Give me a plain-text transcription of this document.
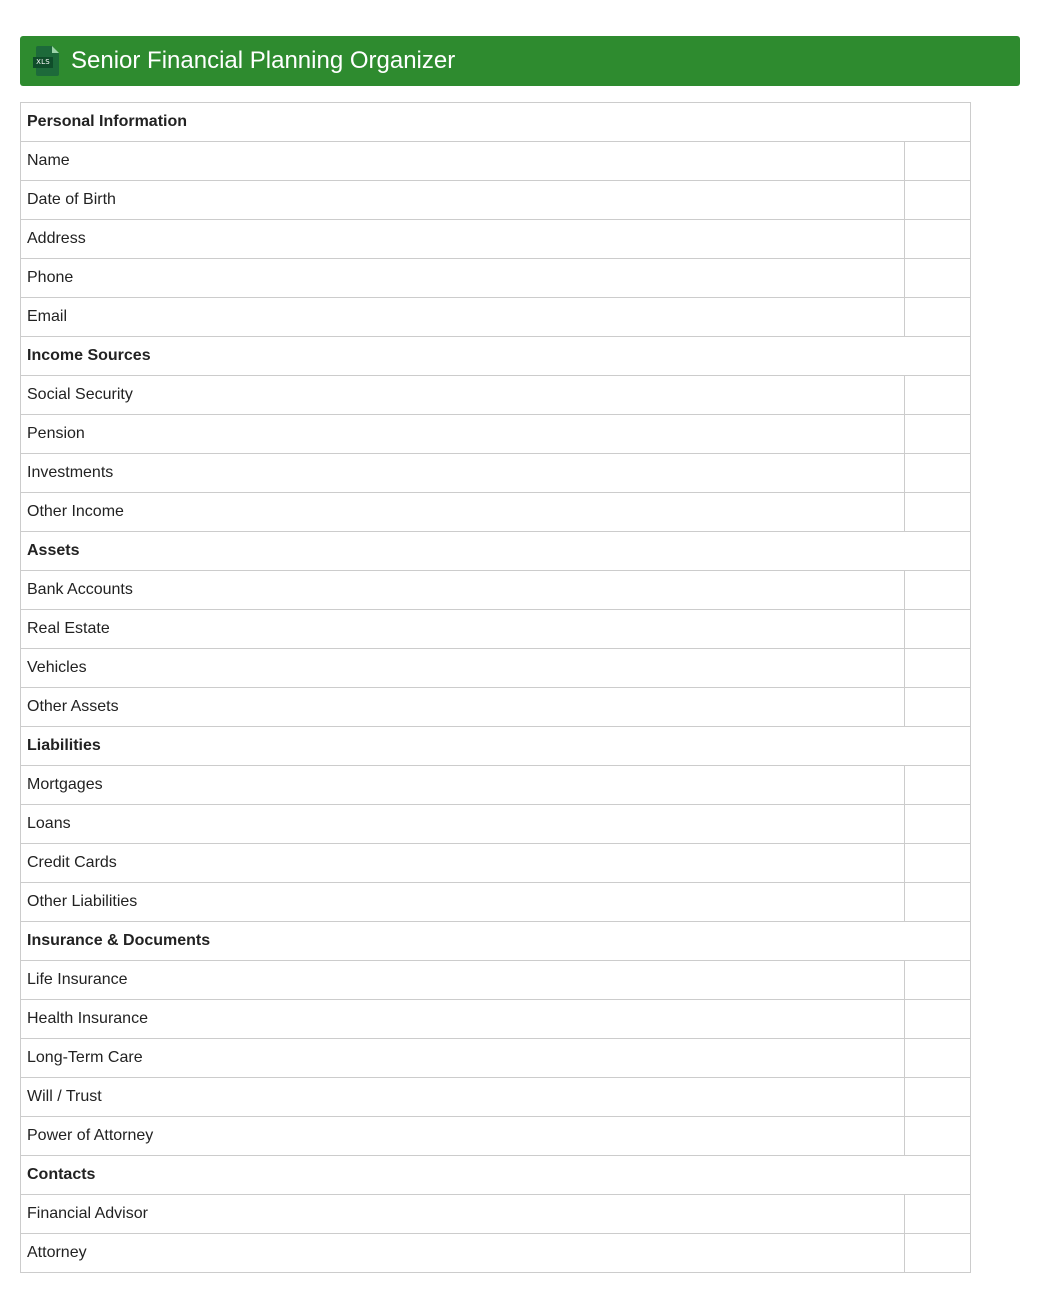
XLS Senior Financial Planning Organizer
Personal Information	
Name	
Date of Birth	
Address	
Phone	
Email	
Income Sources	
Social Security	
Pension	
Investments	
Other Income	
Assets	
Bank Accounts	
Real Estate	
Vehicles	
Other Assets	
Liabilities	
Mortgages	
Loans	
Credit Cards	
Other Liabilities	
Insurance & Documents	
Life Insurance	
Health Insurance	
Long-Term Care	
Will / Trust	
Power of Attorney	
Contacts	
Financial Advisor	
Attorney	
